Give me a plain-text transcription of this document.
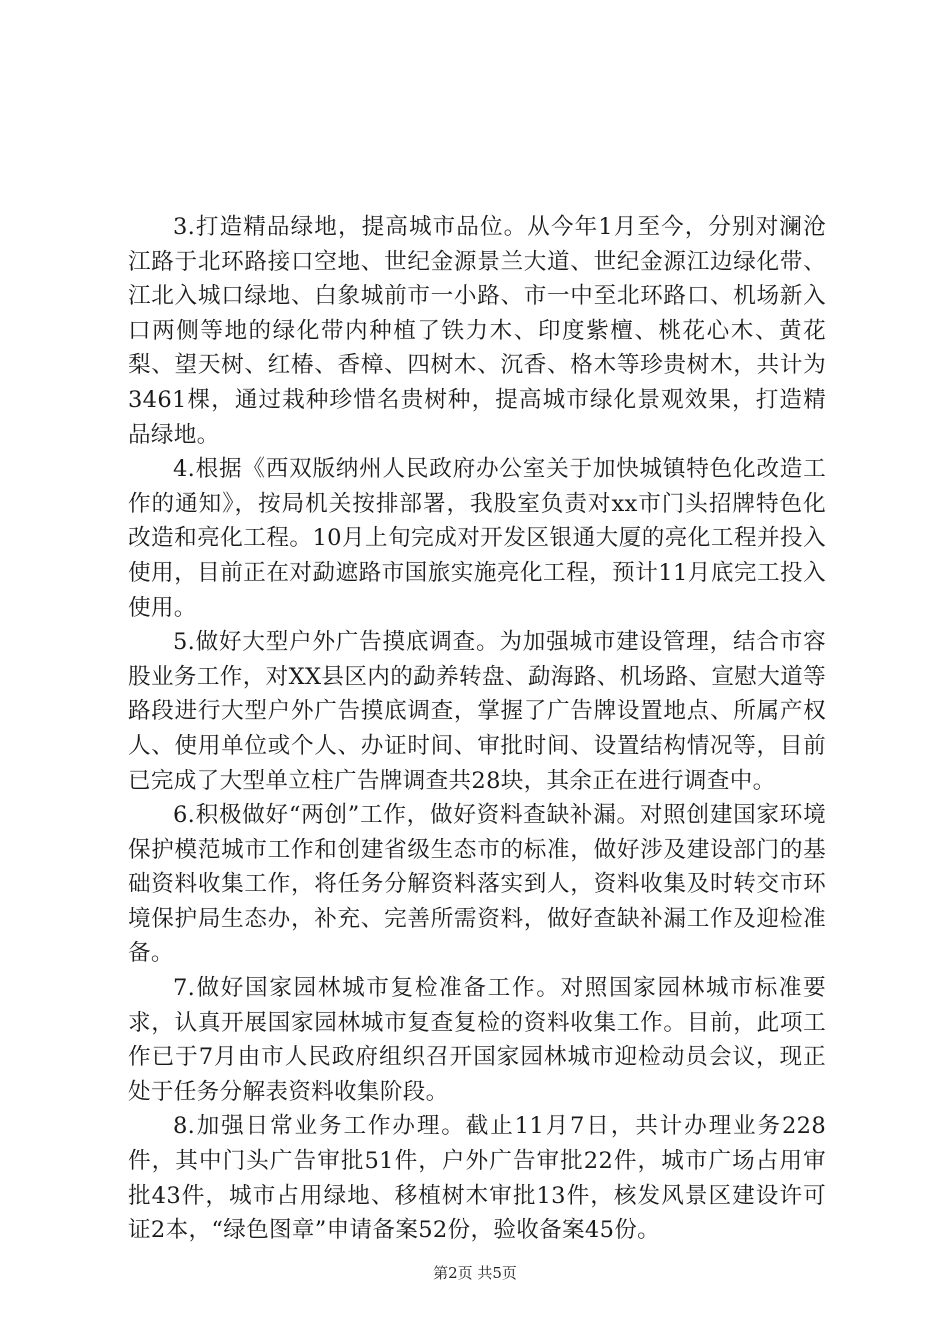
3.打造精品绿地，提高城市品位。从今年1月至今，分别对澜沧江路于北环路接口空地、世纪金源景兰大道、世纪金源江边绿化带、江北入城口绿地、白象城前市一小路、市一中至北环路口、机场新入口两侧等地的绿化带内种植了铁力木、印度紫檀、桃花心木、黄花梨、望天树、红椿、香樟、四树木、沉香、格木等珍贵树木，共计为3461棵，通过栽种珍惜名贵树种，提高城市绿化景观效果，打造精品绿地。

4.根据《西双版纳州人民政府办公室关于加快城镇特色化改造工作的通知》，按局机关按排部署，我股室负责对xx市门头招牌特色化改造和亮化工程。10月上旬完成对开发区银通大厦的亮化工程并投入使用，目前正在对勐遮路市国旅实施亮化工程，预计11月底完工投入使用。

5.做好大型户外广告摸底调查。为加强城市建设管理，结合市容股业务工作，对XX县区内的勐养转盘、勐海路、机场路、宣慰大道等路段进行大型户外广告摸底调查，掌握了广告牌设置地点、所属产权人、使用单位或个人、办证时间、审批时间、设置结构情况等，目前已完成了大型单立柱广告牌调查共28块，其余正在进行调查中。

6.积极做好“两创”工作，做好资料查缺补漏。对照创建国家环境保护模范城市工作和创建省级生态市的标准，做好涉及建设部门的基础资料收集工作，将任务分解资料落实到人，资料收集及时转交市环境保护局生态办，补充、完善所需资料，做好查缺补漏工作及迎检准备。

7.做好国家园林城市复检准备工作。对照国家园林城市标准要求，认真开展国家园林城市复查复检的资料收集工作。目前，此项工作已于7月由市人民政府组织召开国家园林城市迎检动员会议，现正处于任务分解表资料收集阶段。

8.加强日常业务工作办理。截止11月7日，共计办理业务228件，其中门头广告审批51件，户外广告审批22件，城市广场占用审批43件，城市占用绿地、移植树木审批13件，核发风景区建设许可证2本，“绿色图章”申请备案52份，验收备案45份。

第2页 共5页
